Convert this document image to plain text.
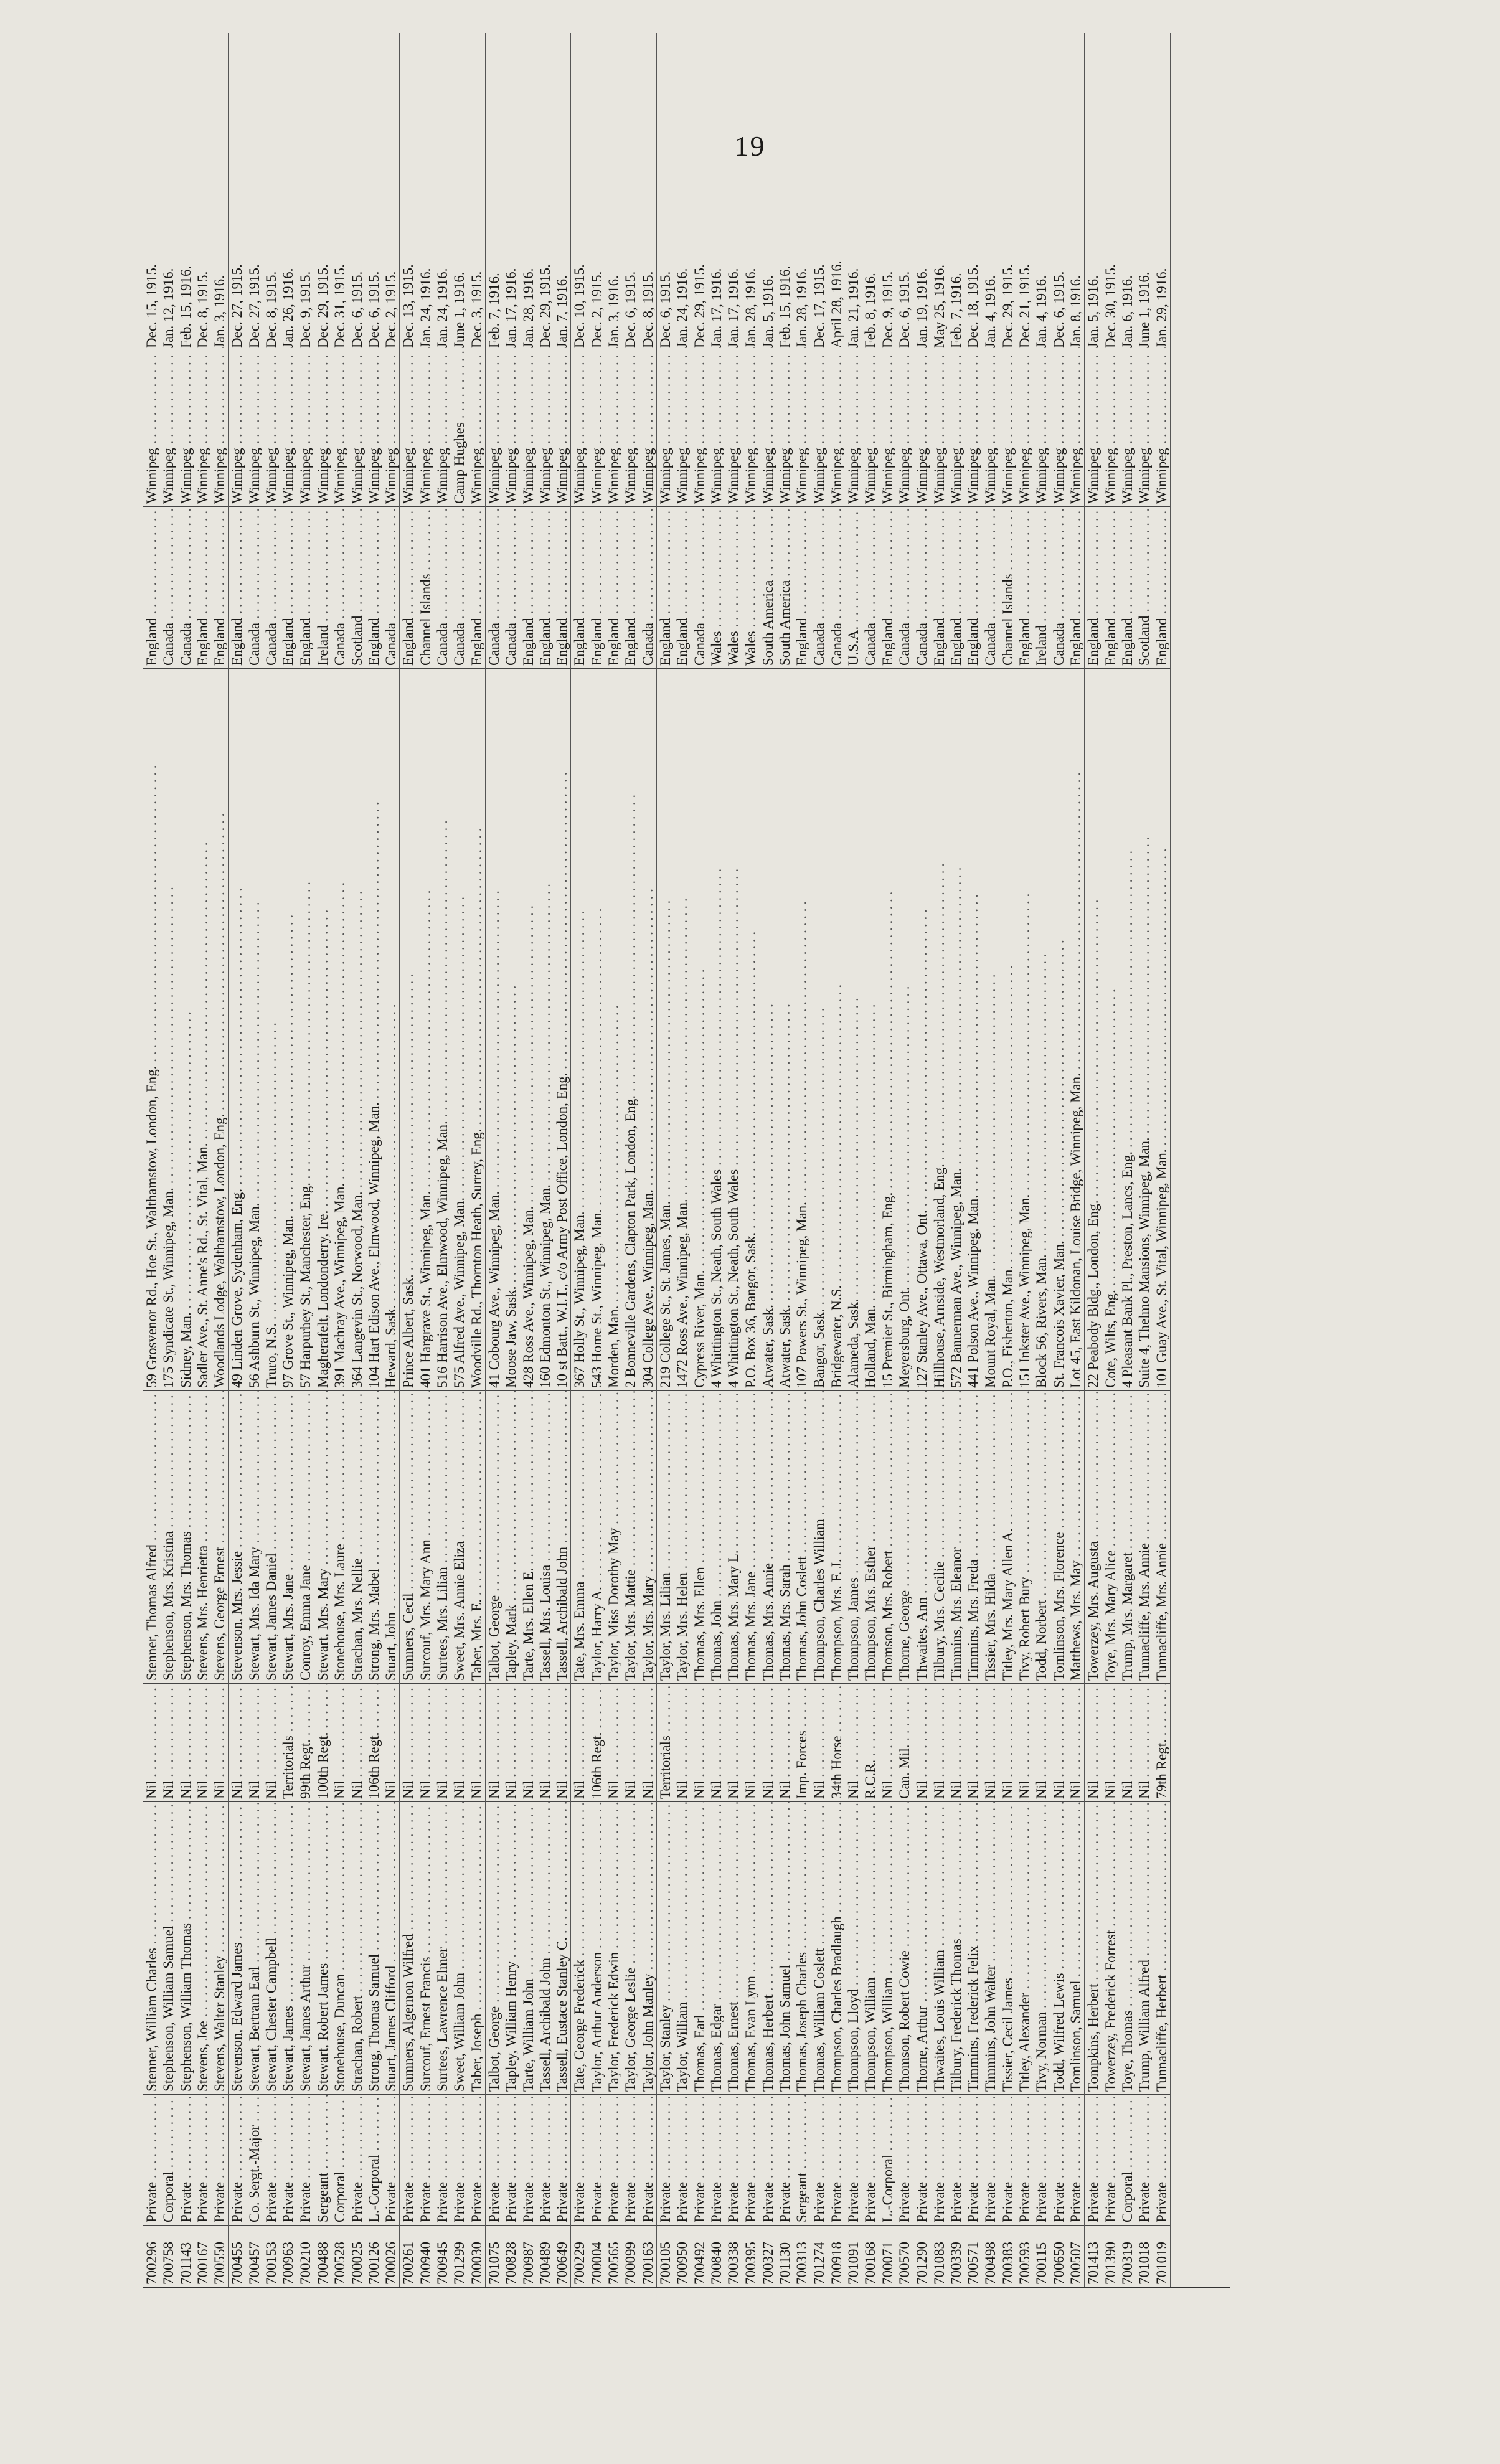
19
700296
Private . . .
Stenner, William Charles . . .
Nil . . .
Stenner, Thomas Alfred . . .
59 Grosvenor Rd., Hoe St., Walthamstow, London, Eng. . . .
England . . .
Winnipeg . . .
Dec. 15, 1915.
700758
Corporal . . .
Stephenson, William Samuel . . .
Nil . . .
Stephenson, Mrs. Kristina . . .
175 Syndicate St., Winnipeg, Man. . . .
Canada . . .
Winnipeg . . .
Jan. 12, 1916.
701143
Private . . .
Stephenson, William Thomas . . .
Nil . . .
Stephenson, Mrs. Thomas . . .
Sidney, Man. . . .
Canada . . .
Winnipeg . . .
Feb. 15, 1916.
700167
Private . . .
Stevens, Joe . . .
Nil . . .
Stevens, Mrs. Henrietta . . .
Sadler Ave., St. Anne's Rd., St. Vital, Man. . . .
England . . .
Winnipeg . . .
Dec. 8, 1915.
700550
Private . . .
Stevens, Walter Stanley . . .
Nil . . .
Stevens, George Ernest . . .
Woodlands Lodge, Walthamstow, London, Eng. . . .
England . . .
Winnipeg . . .
Jan. 3, 1916.
700455
Private . . .
Stevenson, Edward James . . .
Nil . . .
Stevenson, Mrs. Jessie . . .
49 Linden Grove, Sydenham, Eng. . . .
England . . .
Winnipeg . . .
Dec. 27, 1915.
700457
Co. Sergt.-Major . . .
Stewart, Bertram Earl . . .
Nil . . .
Stewart, Mrs. Ida Mary . . .
56 Ashburn St., Winnipeg, Man. . . .
Canada . . .
Winnipeg . . .
Dec. 27, 1915.
700153
Private . . .
Stewart, Chester Campbell . . .
Nil . . .
Stewart, James Daniel . . .
Truro, N.S. . . .
Canada . . .
Winnipeg . . .
Dec. 8, 1915.
700963
Private . . .
Stewart, James . . .
Territorials . . .
Stewart, Mrs. Jane . . .
97 Grove St., Winnipeg, Man. . . .
England . . .
Winnipeg . . .
Jan. 26, 1916.
700210
Private . . .
Stewart, James Arthur . . .
99th Regt. . . .
Conroy, Emma Jane . . .
57 Harpurhey St., Manchester, Eng. . . .
England . . .
Winnipeg . . .
Dec. 9, 1915.
700488
Sergeant . . .
Stewart, Robert James . . .
100th Regt. . . .
Stewart, Mrs. Mary . . .
Magherafelt, Londonderry, Ire. . . .
Ireland . . .
Winnipeg . . .
Dec. 29, 1915.
700528
Corporal . . .
Stonehouse, Duncan . . .
Nil . . .
Stonehouse, Mrs. Laure . . .
391 Machray Ave., Winnipeg, Man. . . .
Canada . . .
Winnipeg . . .
Dec. 31, 1915.
700025
Private . . .
Strachan, Robert . . .
Nil . . .
Strachan, Mrs. Nellie . . .
364 Langevin St., Norwood, Man. . . .
Scotland . . .
Winnipeg . . .
Dec. 6, 1915.
700126
L.-Corporal . . .
Strong, Thomas Samuel . . .
106th Regt. . . .
Strong, Mrs. Mabel . . .
104 Hart Edison Ave., Elmwood, Winnipeg, Man. . . .
England . . .
Winnipeg . . .
Dec. 6, 1915.
700026
Private . . .
Stuart, James Clifford . . .
Nil . . .
Stuart, John . . .
Heward, Sask. . . .
Canada . . .
Winnipeg . . .
Dec. 2, 1915.
700261
Private . . .
Sumners, Algernon Wilfred . . .
Nil . . .
Sumners, Cecil . . .
Prince Albert, Sask. . . .
England . . .
Winnipeg . . .
Dec. 13, 1915.
700940
Private . . .
Surcouf, Ernest Francis . . .
Nil . . .
Surcouf, Mrs. Mary Ann . . .
401 Hargrave St., Winnipeg, Man. . . .
Channel Islands . . .
Winnipeg . . .
Jan. 24, 1916.
700945
Private . . .
Surtees, Lawrence Elmer . . .
Nil . . .
Surtees, Mrs. Lilian . . .
516 Harrison Ave., Elmwood, Winnipeg, Man. . . .
Canada . . .
Winnipeg . . .
Jan. 24, 1916.
701299
Private . . .
Sweet, William John . . .
Nil . . .
Sweet, Mrs. Annie Eliza . . .
575 Alfred Ave., Winnipeg, Man. . . .
Canada . . .
Camp Hughes . . .
June 1, 1916.
700030
Private . . .
Taber, Joseph . . .
Nil . . .
Taber, Mrs. E. . . .
Woodville Rd., Thornton Heath, Surrey, Eng. . . .
England . . .
Winnipeg . . .
Dec. 3, 1915.
701075
Private . . .
Talbot, George . . .
Nil . . .
Talbot, George . . .
41 Cobourg Ave., Winnipeg, Man. . . .
Canada . . .
Winnipeg . . .
Feb. 7, 1916.
700828
Private . . .
Tapley, William Henry . . .
Nil . . .
Tapley, Mark . . .
Moose Jaw, Sask. . . .
Canada . . .
Winnipeg . . .
Jan. 17, 1916.
700987
Private . . .
Tarte, William John . . .
Nil . . .
Tarte, Mrs. Ellen E. . . .
428 Ross Ave., Winnipeg, Man. . . .
England . . .
Winnipeg . . .
Jan. 28, 1916.
700489
Private . . .
Tassell, Archibald John . . .
Nil . . .
Tassell, Mrs. Louisa . . .
160 Edmonton St., Winnipeg, Man. . . .
England . . .
Winnipeg . . .
Dec. 29, 1915.
700649
Private . . .
Tassell, Eustace Stanley C. . . .
Nil . . .
Tassell, Archibald John . . .
10 st Batt., W.I.T., c/o Army Post Office, London, Eng. . . .
England . . .
Winnipeg . . .
Jan. 7, 1916.
700229
Private . . .
Tate, George Frederick . . .
Nil . . .
Tate, Mrs. Emma . . .
367 Holly St., Winnipeg, Man. . . .
England . . .
Winnipeg . . .
Dec. 10, 1915.
700004
Private . . .
Taylor, Arthur Anderson . . .
106th Regt. . . .
Taylor, Harry A. . . .
543 Home St., Winnipeg, Man. . . .
England . . .
Winnipeg . . .
Dec. 2, 1915.
700565
Private . . .
Taylor, Frederick Edwin . . .
Nil . . .
Taylor, Miss Dorothy May . . .
Morden, Man. . . .
England . . .
Winnipeg . . .
Jan. 3, 1916.
700099
Private . . .
Taylor, George Leslie . . .
Nil . . .
Taylor, Mrs. Mattie . . .
2 Bonneville Gardens, Clapton Park, London, Eng. . . .
England . . .
Winnipeg . . .
Dec. 6, 1915.
700163
Private . . .
Taylor, John Manley . . .
Nil . . .
Taylor, Mrs. Mary . . .
304 College Ave., Winnipeg, Man. . . .
Canada . . .
Winnipeg . . .
Dec. 8, 1915.
700105
Private . . .
Taylor, Stanley . . .
Territorials . . .
Taylor, Mrs. Lilian . . .
219 College St., St. James, Man. . . .
England . . .
Winnipeg . . .
Dec. 6, 1915.
700950
Private . . .
Taylor, William . . .
Nil . . .
Taylor, Mrs. Helen . . .
1472 Ross Ave., Winnipeg, Man. . . .
England . . .
Winnipeg . . .
Jan. 24, 1916.
700492
Private . . .
Thomas, Earl . . .
Nil . . .
Thomas, Mrs. Ellen . . .
Cypress River, Man. . . .
Canada . . .
Winnipeg . . .
Dec. 29, 1915.
700840
Private . . .
Thomas, Edgar . . .
Nil . . .
Thomas, John . . .
4 Whittington St., Neath, South Wales . . .
Wales . . .
Winnipeg . . .
Jan. 17, 1916.
700338
Private . . .
Thomas, Ernest . . .
Nil . . .
Thomas, Mrs. Mary L. . . .
4 Whittington St., Neath, South Wales . . .
Wales . . .
Winnipeg . . .
Jan. 17, 1916.
700395
Private . . .
Thomas, Evan Lynn . . .
Nil . . .
Thomas, Mrs. Jane . . .
P.O. Box 36, Bangor, Sask. . . .
Wales . . .
Winnipeg . . .
Jan. 28, 1916.
700327
Private . . .
Thomas, Herbert . . .
Nil . . .
Thomas, Mrs. Annie . . .
Atwater, Sask. . . .
South America . . .
Winnipeg . . .
Jan. 5, 1916.
701130
Private . . .
Thomas, John Samuel . . .
Nil . . .
Thomas, Mrs. Sarah . . .
Atwater, Sask. . . .
South America . . .
Winnipeg . . .
Feb. 15, 1916.
700313
Sergeant . . .
Thomas, Joseph Charles . . .
Imp. Forces . . .
Thomas, John Coslett . . .
107 Powers St., Winnipeg, Man. . . .
England . . .
Winnipeg . . .
Jan. 28, 1916.
701274
Private . . .
Thomas, William Coslett . . .
Nil . . .
Thompson, Charles William . . .
Bangor, Sask. . . .
Canada . . .
Winnipeg . . .
Dec. 17, 1915.
700918
Private . . .
Thompson, Charles Bradlaugh . . .
34th Horse . . .
Thompson, Mrs. F. J. . . .
Bridgewater, N.S. . . .
Canada . . .
Winnipeg . . .
April 28, 1916.
701091
Private . . .
Thompson, Lloyd . . .
Nil . . .
Thompson, James . . .
Alameda, Sask. . . .
U.S.A. . . .
Winnipeg . . .
Jan. 21, 1916.
700168
Private . . .
Thompson, William . . .
R.C.R. . . .
Thompson, Mrs. Esther . . .
Holland, Man. . . .
Canada . . .
Winnipeg . . .
Feb. 8, 1916.
700071
L.-Corporal . . .
Thompson, William . . .
Nil . . .
Thomson, Mrs. Robert . . .
15 Premier St., Birmingham, Eng. . . .
England . . .
Winnipeg . . .
Dec. 9, 1915.
700570
Private . . .
Thomson, Robert Cowie . . .
Can. Mil. . . .
Thorne, George . . .
Meyersburg, Ont. . . .
Canada . . .
Winnipeg . . .
Dec. 6, 1915.
701290
Private . . .
Thorne, Arthur . . .
Nil . . .
Thwaites, Ann . . .
127 Stanley Ave., Ottawa, Ont. . . .
Canada . . .
Winnipeg . . .
Jan. 19, 1916.
701083
Private . . .
Thwaites, Louis William . . .
Nil . . .
Tilbury, Mrs. Cecilie . . .
Hillhouse, Arnside, Westmorland, Eng. . . .
England . . .
Winnipeg . . .
May 25, 1916.
700339
Private . . .
Tilbury, Frederick Thomas . . .
Nil . . .
Timmins, Mrs. Eleanor . . .
572 Bannerman Ave., Winnipeg, Man. . . .
England . . .
Winnipeg . . .
Feb. 7, 1916.
700571
Private . . .
Timmins, Frederick Felix . . .
Nil . . .
Timmins, Mrs. Freda . . .
441 Polson Ave., Winnipeg, Man. . . .
England . . .
Winnipeg . . .
Dec. 18, 1915.
700498
Private . . .
Timmins, John Walter . . .
Nil . . .
Tissier, Mrs. Hilda . . .
Mount Royal, Man. . . .
Canada . . .
Winnipeg . . .
Jan. 4, 1916.
700383
Private . . .
Tissier, Cecil James . . .
Nil . . .
Titley, Mrs. Mary Allen A. . . .
P.O., Fisherton, Man. . . .
Channel Islands . . .
Winnipeg . . .
Dec. 29, 1915.
700593
Private . . .
Titley, Alexander . . .
Nil . . .
Tivy, Robert Bury . . .
151 Inkster Ave., Winnipeg, Man. . . .
England . . .
Winnipeg . . .
Dec. 21, 1915.
700115
Private . . .
Tivy, Norman . . .
Nil . . .
Todd, Norbert . . .
Block 56, Rivers, Man. . . .
Ireland . . .
Winnipeg . . .
Jan. 4, 1916.
700650
Private . . .
Todd, Wilfred Lewis . . .
Nil . . .
Tomlinson, Mrs. Florence . . .
St. Francois Xavier, Man. . . .
Canada . . .
Winnipeg . . .
Dec. 6, 1915.
700507
Private . . .
Tomlinson, Samuel . . .
Nil . . .
Matthews, Mrs. May . . .
Lot 45, East Kildonan, Louise Bridge, Winnipeg, Man. . . .
England . . .
Winnipeg . . .
Jan. 8, 1916.
701413
Private . . .
Tompkins, Herbert . . .
Nil . . .
Towerzey, Mrs. Augusta . . .
22 Peabody Bldg., London, Eng. . . .
England . . .
Winnipeg . . .
Jan. 5, 1916.
701390
Private . . .
Towerzey, Frederick Forrest . . .
Nil . . .
Toye, Mrs. Mary Alice . . .
Cote, Wilts, Eng. . . .
England . . .
Winnipeg . . .
Dec. 30, 1915.
700319
Corporal . . .
Toye, Thomas . . .
Nil . . .
Trump, Mrs. Margaret . . .
4 Pleasant Bank Pl., Preston, Lancs, Eng. . . .
England . . .
Winnipeg . . .
Jan. 6, 1916.
701018
Private . . .
Trump, William Alfred . . .
Nil . . .
Tunnacliffe, Mrs. Annie . . .
Suite 4, Thelmo Mansions, Winnipeg, Man. . . .
Scotland . . .
Winnipeg . . .
June 1, 1916.
701019
Private . . .
Tunnacliffe, Herbert . . .
79th Regt. . . .
Tunnacliffe, Mrs. Annie . . .
101 Guay Ave., St. Vital, Winnipeg, Man. . . .
England . . .
Winnipeg . . .
Jan. 29, 1916.
